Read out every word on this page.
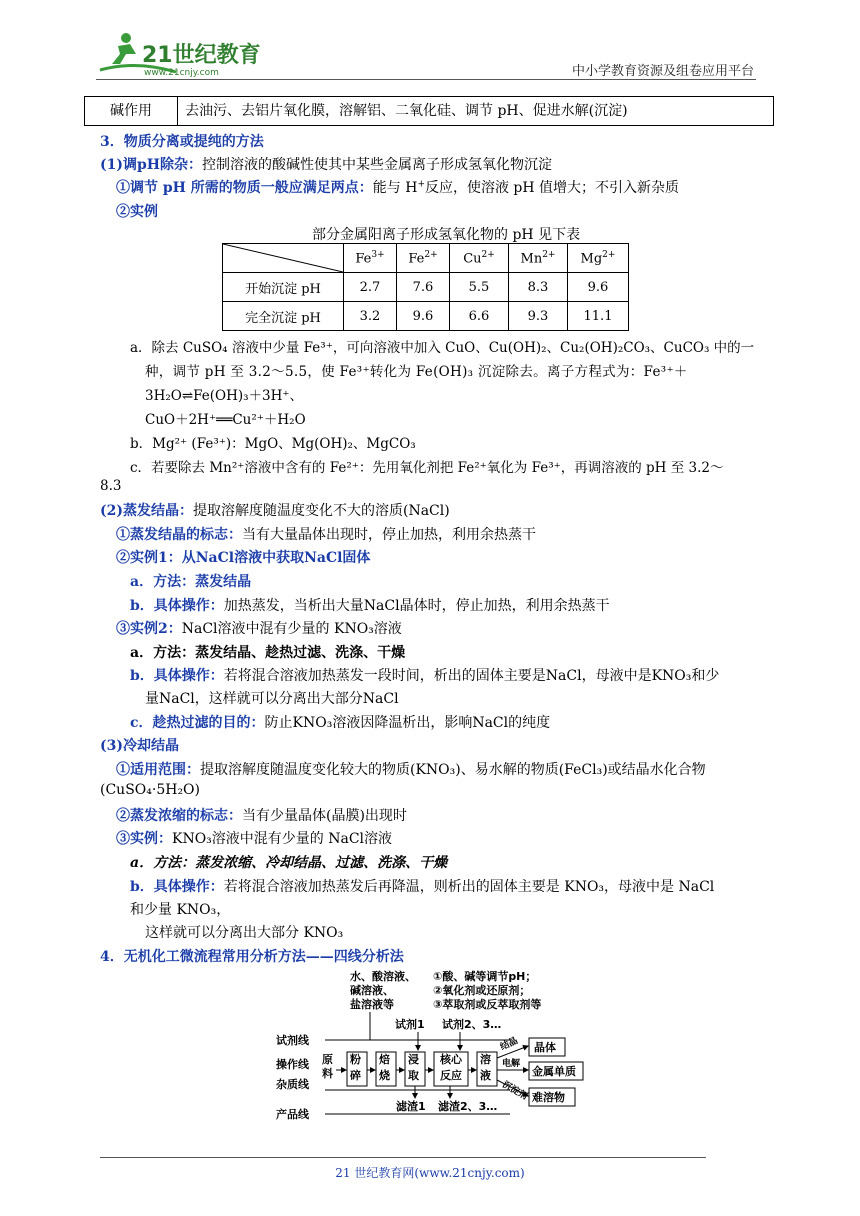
21世纪教育
www.21cnjy.com	中小学教育资源及组卷应用平台
碱作用	去油污、去铝片氧化膜，溶解铝、二氧化硅、调节 pH、促进水解(沉淀)
3．物质分离或提纯的方法
(1)调pH除杂：控制溶液的酸碱性使其中某些金属离子形成氢氧化物沉淀
①调节 pH 所需的物质一般应满足两点：能与 H+反应，使溶液 pH 值增大；不引入新杂质
②实例
部分金属阳离子形成氢氧化物的 pH 见下表
	$Fe^{3+}$	$Fe^{2+}$	$Cu^{2+}$	$Mn^{2+}$	$Mg^{2+}$
开始沉淀 pH	2.7	7.6	5.5	8.3	9.6
完全沉淀 pH	3.2	9.6	6.6	9.3	11.1
a．除去 CuSO₄ 溶液中少量 Fe³⁺，可向溶液中加入 CuO、Cu(OH)₂、Cu₂(OH)₂CO₃、CuCO₃ 中的一
种，调节 pH 至 3.2～5.5，使 Fe³⁺转化为 Fe(OH)₃ 沉淀除去。离子方程式为：Fe³⁺＋
3H₂O⇌Fe(OH)₃＋3H⁺、
CuO＋2H⁺══Cu²⁺＋H₂O
b．Mg²⁺ (Fe³⁺)：MgO、Mg(OH)₂、MgCO₃
c．若要除去 Mn²⁺溶液中含有的 Fe²⁺：先用氧化剂把 Fe²⁺氧化为 Fe³⁺，再调溶液的 pH 至 3.2～
8.3
(2)蒸发结晶：提取溶解度随温度变化不大的溶质(NaCl)
①蒸发结晶的标志：当有大量晶体出现时，停止加热，利用余热蒸干
②实例1：从NaCl溶液中获取NaCl固体
a．方法：蒸发结晶
b．具体操作：加热蒸发，当析出大量NaCl晶体时，停止加热，利用余热蒸干
③实例2：NaCl溶液中混有少量的 KNO₃溶液
a．方法：蒸发结晶、趁热过滤、洗涤、干燥
b．具体操作：若将混合溶液加热蒸发一段时间，析出的固体主要是NaCl，母液中是KNO₃和少
量NaCl，这样就可以分离出大部分NaCl
c．趁热过滤的目的：防止KNO₃溶液因降温析出，影响NaCl的纯度
(3)冷却结晶
①适用范围：提取溶解度随温度变化较大的物质(KNO₃)、易水解的物质(FeCl₃)或结晶水化合物
(CuSO₄·5H₂O)
②蒸发浓缩的标志：当有少量晶体(晶膜)出现时
③实例：KNO₃溶液中混有少量的 NaCl溶液
a．方法：蒸发浓缩、冷却结晶、过滤、洗涤、干燥
b．具体操作：若将混合溶液加热蒸发后再降温，则析出的固体主要是 KNO₃，母液中是 NaCl
和少量 KNO₃，
这样就可以分离出大部分 KNO₃
4．无机化工微流程常用分析方法——四线分析法
水、酸溶液、
碱溶液、
盐溶液等
①酸、碱等调节pH；
②氧化剂或还原剂；
③萃取剂或反萃取剂等
试剂1 试剂2、3…
试剂线
操作线
杂质线
产品线
原
料
粉
碎
焙
烧
浸
取
核心
反应
溶
液
结晶
电解
沉淀剂
晶体
金属单质
难溶物
滤渣1 滤渣2、3…
21 世纪教育网(www.21cnjy.com)
